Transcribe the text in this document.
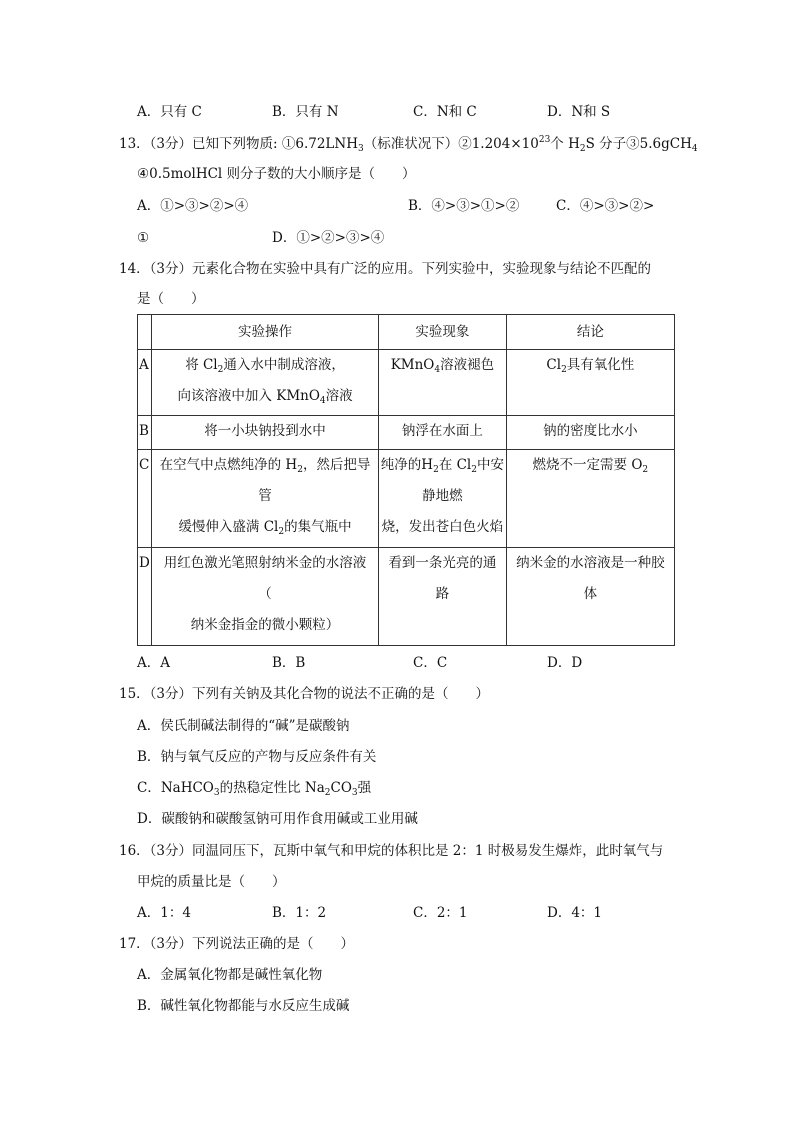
A．只有 C	B．只有 N	C．N和 C	D．N和 S
13．（3分）已知下列物质: $①6.72LNH_3$（标准状况下）$②1.204\times 10^{23}$个 $H_2S$ 分子③5.6gCH$_4$
④0.5molHCl 则分子数的大小顺序是（　　）
A．①>③>②>④	B．④>③>①>②	C．④>③>②>
①	D．①>②>③>④
14．（3分）元素化合物在实验中具有广泛的应用。下列实验中，实验现象与结论不匹配的
是（　　）
	实验操作	实验现象	结论
A	将 $Cl_2$通入水中制成溶液，
向该溶液中加入 KMnO$_4$溶液	KMnO$_4$溶液褪色	$Cl_2$具有氧化性

B	将一小块钠投到水中	钠浮在水面上	钠的密度比水小
C	在空气中点燃纯净的 $H_2$，然后把导
管
缓慢伸入盛满 $Cl_2$的集气瓶中	纯净的$H_2$在 $Cl_2$中安
静地燃
烧，发出苍白色火焰	燃烧不一定需要 $O_2$

D	用红色激光笔照射纳米金的水溶液
（
纳米金指金的微小颗粒）	看到一条光亮的通
路	纳米金的水溶液是一种胶
体
A．A	B．B	C．C	D．D
15．（3分）下列有关钠及其化合物的说法不正确的是（　　）
A．侯氏制碱法制得的“碱”是碳酸钠
B．钠与氧气反应的产物与反应条件有关
C．NaHCO$_3$的热稳定性比 $Na_2CO_3$强
D．碳酸钠和碳酸氢钠可用作食用碱或工业用碱
16．（3分）同温同压下，瓦斯中氧气和甲烷的体积比是 2：1 时极易发生爆炸，此时氧气与
甲烷的质量比是（　　）
A．1：4	B．1：2	C．2：1	D．4：1
17．（3分）下列说法正确的是（　　）
A．金属氧化物都是碱性氧化物
B．碱性氧化物都能与水反应生成碱
